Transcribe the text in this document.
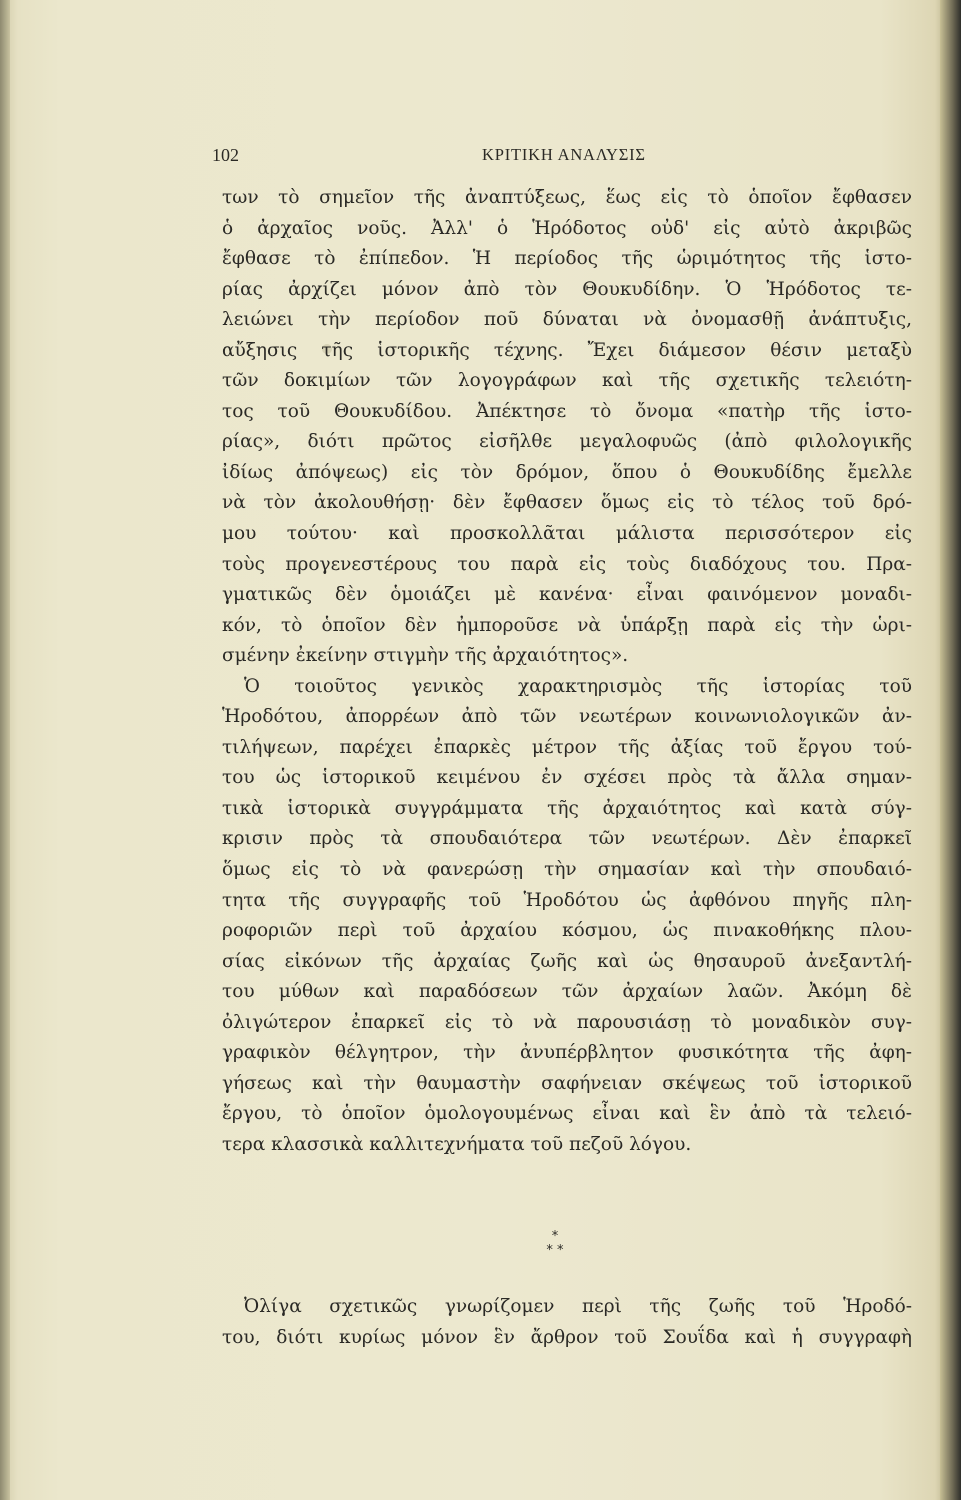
102	ΚΡΙΤΙΚΗ ΑΝΑΛΥΣΙΣ
των τὸ σημεῖον τῆς ἀναπτύξεως, ἕως εἰς τὸ ὁποῖον ἔφθασεν
ὁ ἀρχαῖος νοῦς. Ἀλλ' ὁ Ἡρόδοτος οὐδ' εἰς αὐτὸ ἀκριβῶς
ἔφθασε τὸ ἐπίπεδον. Ἡ περίοδος τῆς ὡριμότητος τῆς ἱστο-
ρίας ἀρχίζει μόνον ἀπὸ τὸν Θουκυδίδην. Ὁ Ἡρόδοτος τε-
λειώνει τὴν περίοδον ποῦ δύναται νὰ ὀνομασθῇ ἀνάπτυξις,
αὔξησις τῆς ἱστορικῆς τέχνης. Ἔχει διάμεσον θέσιν μεταξὺ
τῶν δοκιμίων τῶν λογογράφων καὶ τῆς σχετικῆς τελειότη-
τος τοῦ Θουκυδίδου. Ἀπέκτησε τὸ ὄνομα «πατὴρ τῆς ἱστο-
ρίας», διότι πρῶτος εἰσῆλθε μεγαλοφυῶς (ἀπὸ φιλολογικῆς
ἰδίως ἀπόψεως) εἰς τὸν δρόμον, ὅπου ὁ Θουκυδίδης ἔμελλε
νὰ τὸν ἀκολουθήσῃ· δὲν ἔφθασεν ὅμως εἰς τὸ τέλος τοῦ δρό-
μου τούτου· καὶ προσκολλᾶται μάλιστα περισσότερον εἰς
τοὺς προγενεστέρους του παρὰ εἰς τοὺς διαδόχους του. Πρα-
γματικῶς δὲν ὁμοιάζει μὲ κανένα· εἶναι φαινόμενον μοναδι-
κόν, τὸ ὁποῖον δὲν ἠμποροῦσε νὰ ὑπάρξῃ παρὰ εἰς τὴν ὡρι-
σμένην ἐκείνην στιγμὴν τῆς ἀρχαιότητος».
Ὁ τοιοῦτος γενικὸς χαρακτηρισμὸς τῆς ἱστορίας τοῦ
Ἡροδότου, ἀπορρέων ἀπὸ τῶν νεωτέρων κοινωνιολογικῶν ἀν-
τιλήψεων, παρέχει ἐπαρκὲς μέτρον τῆς ἀξίας τοῦ ἔργου τού-
του ὡς ἱστορικοῦ κειμένου ἐν σχέσει πρὸς τὰ ἄλλα σημαν-
τικὰ ἱστορικὰ συγγράμματα τῆς ἀρχαιότητος καὶ κατὰ σύγ-
κρισιν πρὸς τὰ σπουδαιότερα τῶν νεωτέρων. Δὲν ἐπαρκεῖ
ὅμως εἰς τὸ νὰ φανερώσῃ τὴν σημασίαν καὶ τὴν σπουδαιό-
τητα τῆς συγγραφῆς τοῦ Ἡροδότου ὡς ἀφθόνου πηγῆς πλη-
ροφοριῶν περὶ τοῦ ἀρχαίου κόσμου, ὡς πινακοθήκης πλου-
σίας εἰκόνων τῆς ἀρχαίας ζωῆς καὶ ὡς θησαυροῦ ἀνεξαντλή-
του μύθων καὶ παραδόσεων τῶν ἀρχαίων λαῶν. Ἀκόμη δὲ
ὀλιγώτερον ἐπαρκεῖ εἰς τὸ νὰ παρουσιάσῃ τὸ μοναδικὸν συγ-
γραφικὸν θέλγητρον, τὴν ἀνυπέρβλητον φυσικότητα τῆς ἀφη-
γήσεως καὶ τὴν θαυμαστὴν σαφήνειαν σκέψεως τοῦ ἱστορικοῦ
ἔργου, τὸ ὁποῖον ὁμολογουμένως εἶναι καὶ ἓν ἀπὸ τὰ τελειό-
τερα κλασσικὰ καλλιτεχνήματα τοῦ πεζοῦ λόγου.
*
* *
Ὀλίγα σχετικῶς γνωρίζομεν περὶ τῆς ζωῆς τοῦ Ἡροδό-
του, διότι κυρίως μόνον ἓν ἄρθρον τοῦ Σουΐδα καὶ ἡ συγγραφὴ
